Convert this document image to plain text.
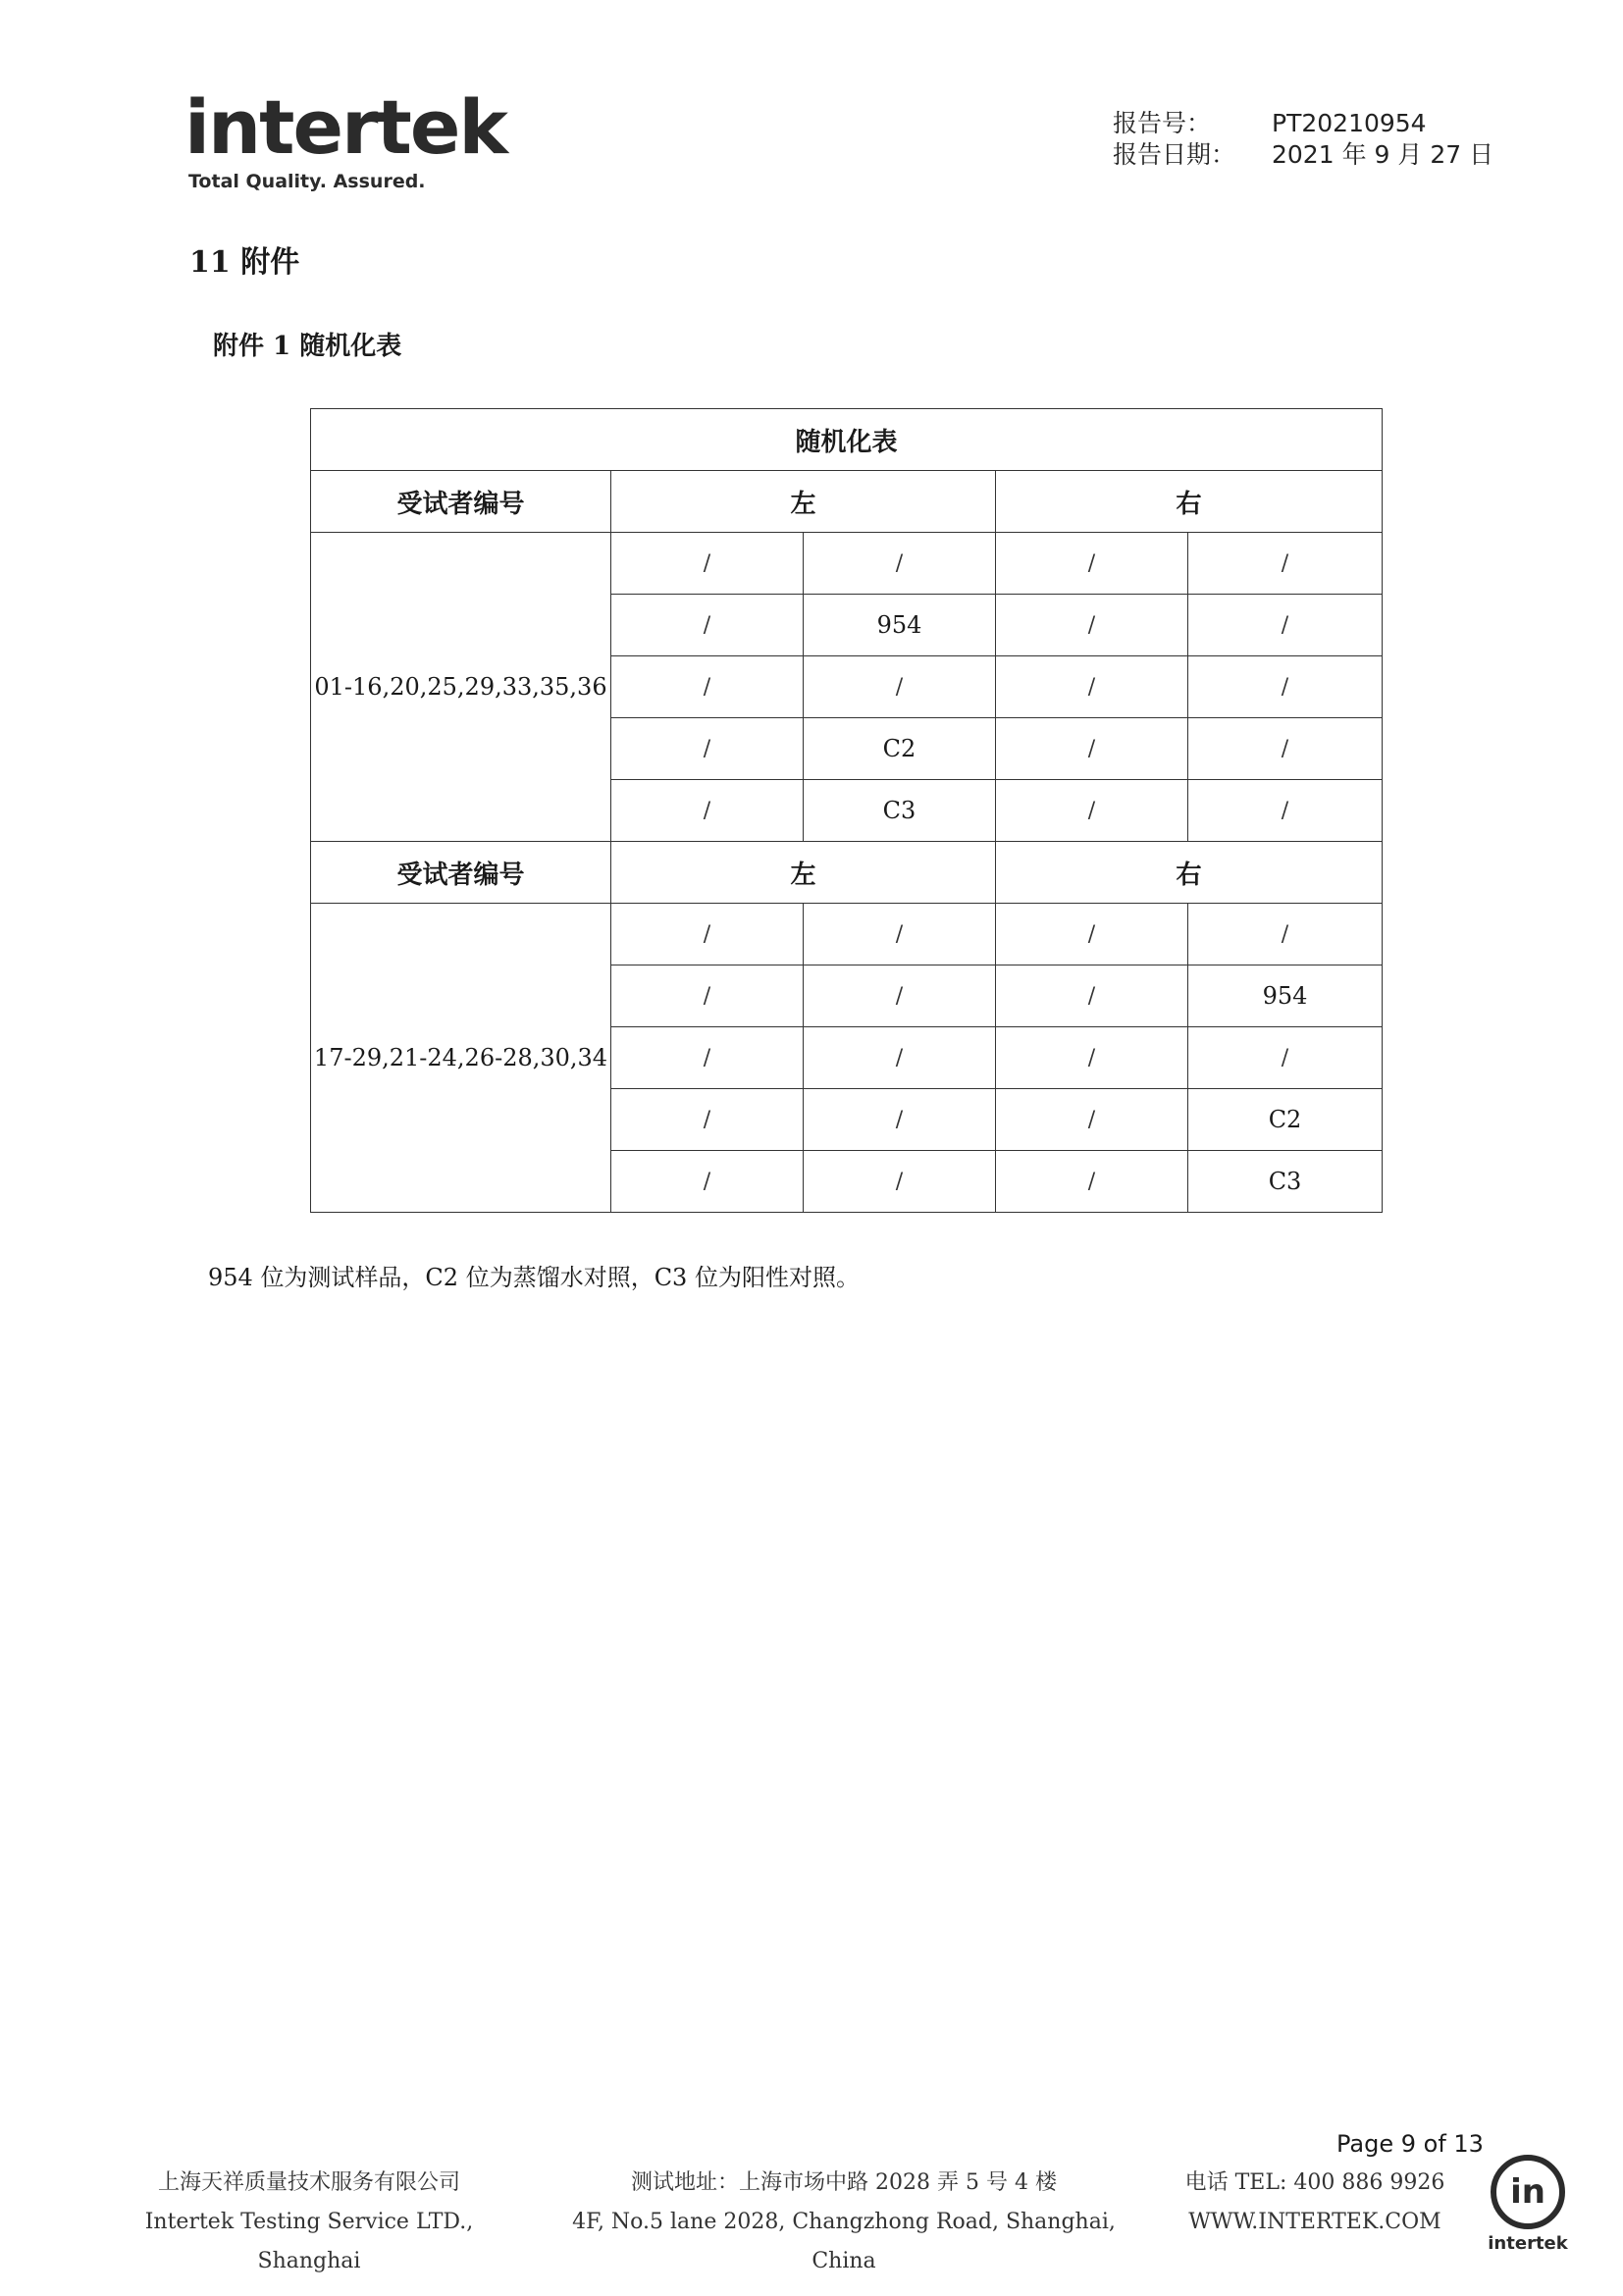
intertek
Total Quality. Assured.
报告号：	PT20210954
报告日期：	2021 年 9 月 27 日
11 附件
附件 1 随机化表
随机化表				
受试者编号	左		右	
01-16,20,25,29,33,35,36	/	/	/	/
	/	954	/	/
	/	/	/	/
	/	C2	/	/
	/	C3	/	/
受试者编号	左		右	
17-29,21-24,26-28,30,34	/	/	/	/
	/	/	/	954
	/	/	/	/
	/	/	/	C2
	/	/	/	C3
954 位为测试样品，C2 位为蒸馏水对照，C3 位为阳性对照。
Page 9 of 13
上海天祥质量技术服务有限公司
Intertek Testing Service LTD., Shanghai
测试地址：上海市场中路 2028 弄 5 号 4 楼
4F, No.5 lane 2028, Changzhong Road, Shanghai, China
电话 TEL: 400 886 9926
WWW.INTERTEK.COM
in
intertek
